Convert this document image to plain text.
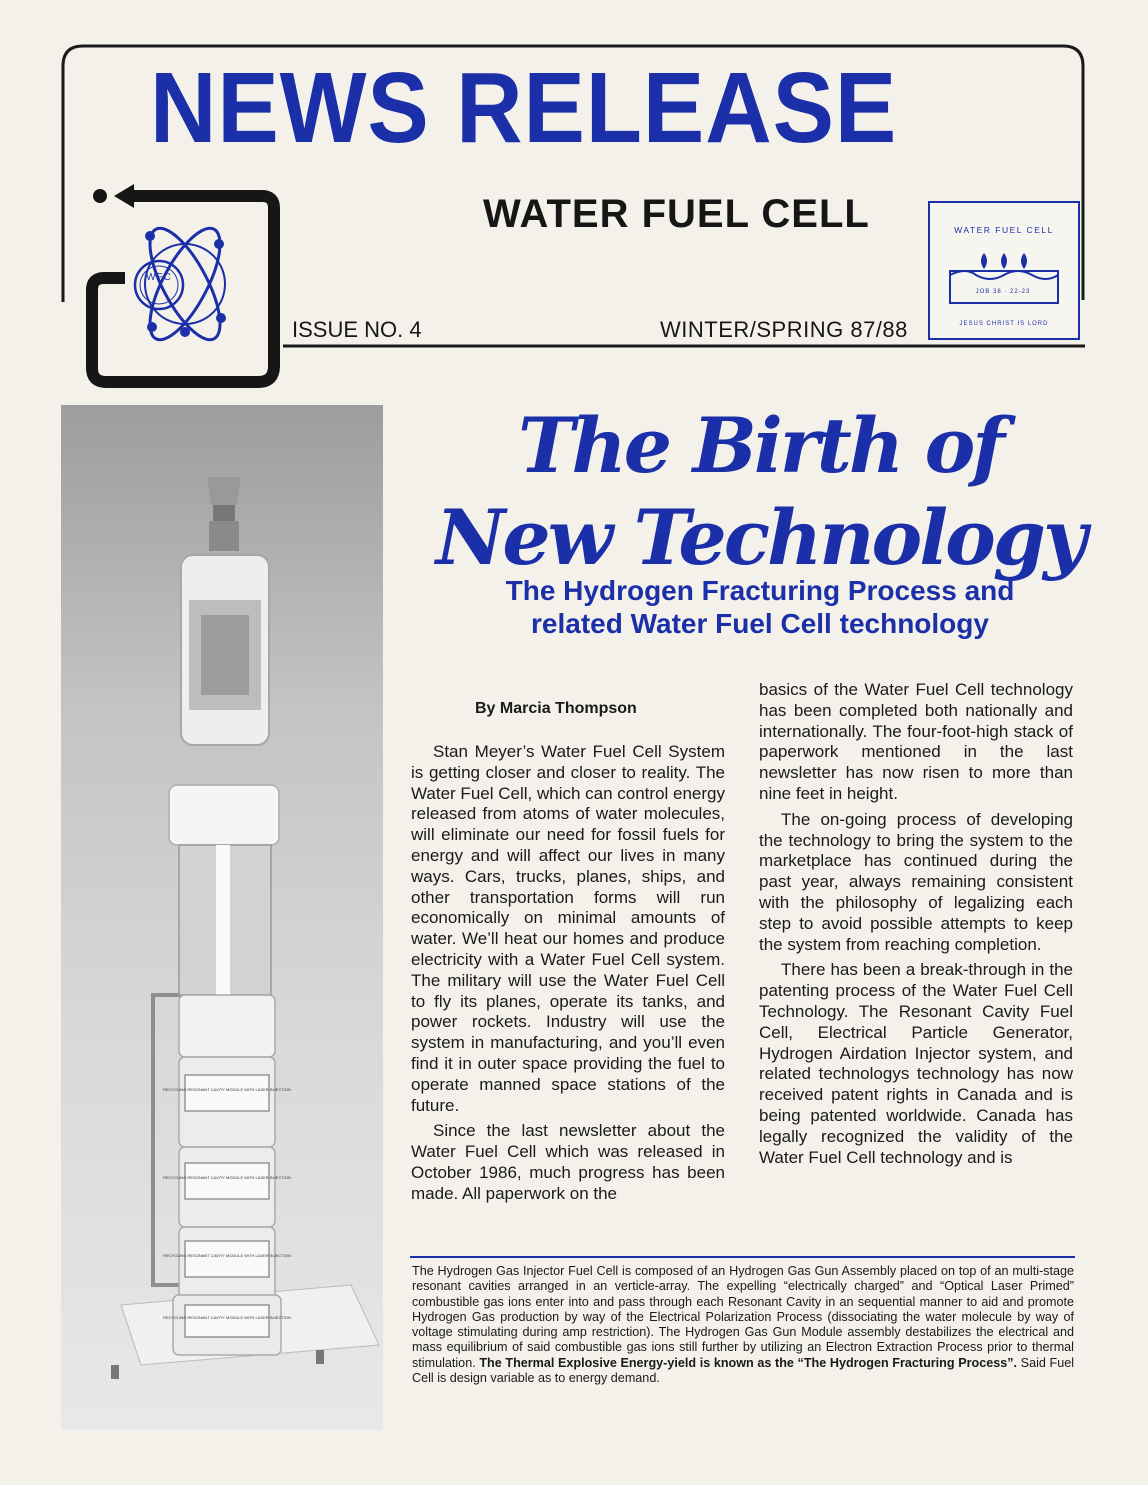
WFC
NEWS RELEASE
WATER FUEL CELL
ISSUE NO. 4	WINTER/SPRING 87/88
WATER FUEL CELL
JOB 38 · 22-23
JESUS CHRIST IS LORD
RECYCLING RESONANT CAVITY MODULE WITH LASER INJECTION
RECYCLING RESONANT CAVITY MODULE WITH LASER INJECTION
RECYCLING RESONANT CAVITY MODULE WITH LASER INJECTION
RECYCLING RESONANT CAVITY MODULE WITH LASER INJECTION
The Birth of
New Technology
The Hydrogen Fracturing Process and
related Water Fuel Cell technology
By Marcia Thompson

Stan Meyer’s Water Fuel Cell System is getting closer and closer to reality. The Water Fuel Cell, which can control energy released from atoms of water molecules, will eliminate our need for fossil fuels for energy and will affect our lives in many ways. Cars, trucks, planes, ships, and other transportation forms will run economically on minimal amounts of water. We’ll heat our homes and produce electricity with a Water Fuel Cell system. The military will use the Water Fuel Cell to fly its planes, operate its tanks, and power rockets. Industry will use the system in manufacturing, and you’ll even find it in outer space providing the fuel to operate manned space stations of the future.

Since the last newsletter about the Water Fuel Cell which was released in October 1986, much progress has been made. All paperwork on the

basics of the Water Fuel Cell technology has been completed both nationally and internationally. The four-foot-high stack of paperwork mentioned in the last newsletter has now risen to more than nine feet in height.

The on-going process of developing the technology to bring the system to the marketplace has continued during the past year, always remaining consistent with the philosophy of legalizing each step to avoid possible attempts to keep the system from reaching completion.

There has been a break-through in the patenting process of the Water Fuel Cell Technology. The Resonant Cavity Fuel Cell, Electrical Particle Generator, Hydrogen Airdation Injector system, and related technologys technology has now received patent rights in Canada and is being patented worldwide. Canada has legally recognized the validity of the Water Fuel Cell technology and is

The Hydrogen Gas Injector Fuel Cell is composed of an Hydrogen Gas Gun Assembly placed on top of an multi-stage resonant cavities arranged in an verticle-array. The expelling “electrically charged” and “Optical Laser Primed” combustible gas ions enter into and pass through each Resonant Cavity in an sequential manner to aid and promote Hydrogen Gas production by way of the Electrical Polarization Process (dissociating the water molecule by way of voltage stimulating during amp restriction). The Hydrogen Gas Gun Module assembly destabilizes the electrical and mass equilibrium of said combustible gas ions still further by utilizing an Electron Extraction Process prior to thermal stimulation. The Thermal Explosive Energy-yield is known as the “The Hydrogen Fracturing Process”. Said Fuel Cell is design variable as to energy demand.
